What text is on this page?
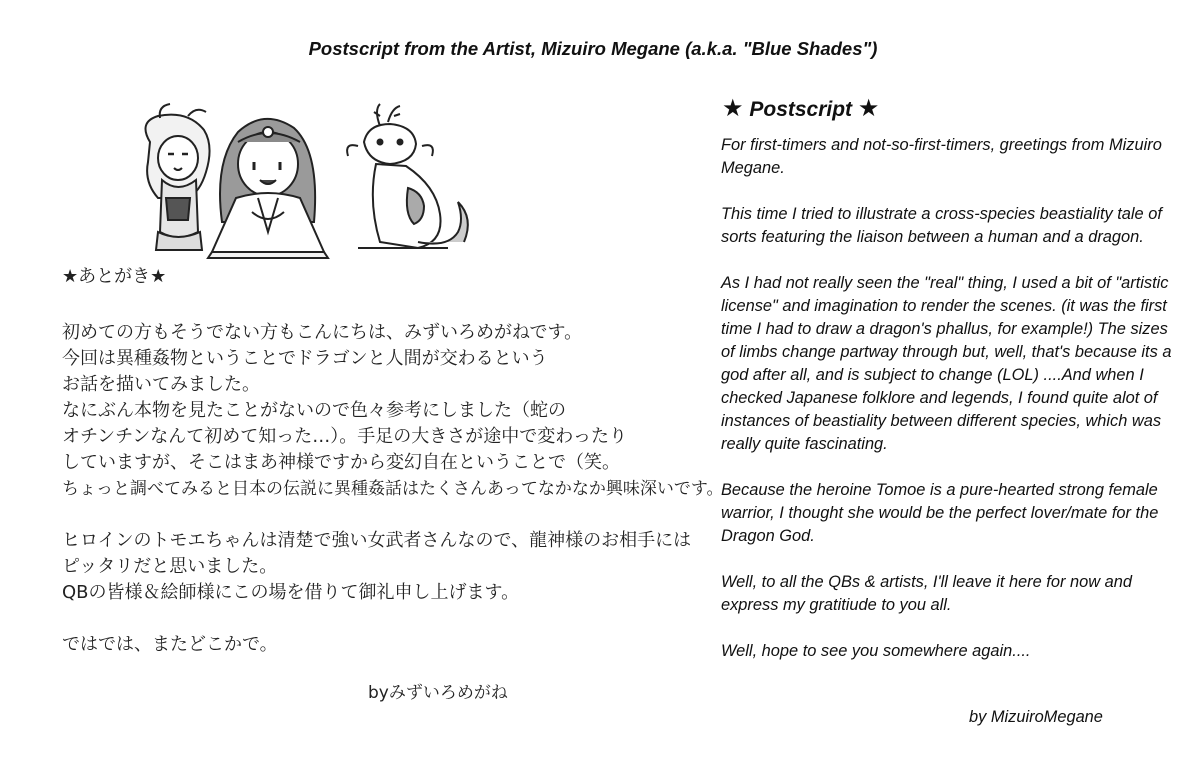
Postscript from the Artist, Mizuiro Megane (a.k.a. "Blue Shades")
★あとがき★
初めての方もそうでない方もこんにちは、みずいろめがねです。
今回は異種姦物ということでドラゴンと人間が交わるという
お話を描いてみました。
なにぶん本物を見たことがないので色々参考にしました（蛇の
オチンチンなんて初めて知った…）。手足の大きさが途中で変わったり
していますが、そこはまあ神様ですから変幻自在ということで（笑。
ちょっと調べてみると日本の伝説に異種姦話はたくさんあってなかなか興味深いです。
ヒロインのトモエちゃんは清楚で強い女武者さんなので、龍神様のお相手には
ピッタリだと思いました。
QBの皆様＆絵師様にこの場を借りて御礼申し上げます。
ではでは、またどこかで。
byみずいろめがね
★ Postscript ★

For first-timers and not-so-first-timers, greetings from Mizuiro Megane.

This time I tried to illustrate a cross-species beastiality tale of sorts featuring the liaison between a human and a dragon.

As I had not really seen the "real" thing, I used a bit of "artistic license" and imagination to render the scenes. (it was the first time I had to draw a dragon's phallus, for example!) The sizes of limbs change partway through but, well, that's because its a god after all, and is subject to change (LOL) ....And when I checked Japanese folklore and legends, I found quite alot of instances of beastiality between different species, which was really quite fascinating.

Because the heroine Tomoe is a pure-hearted strong female warrior, I thought she would be the perfect lover/mate for the Dragon God.

Well, to all the QBs & artists, I'll leave it here for now and express my gratitiude to you all.

Well, hope to see you somewhere again....

by MizuiroMegane
